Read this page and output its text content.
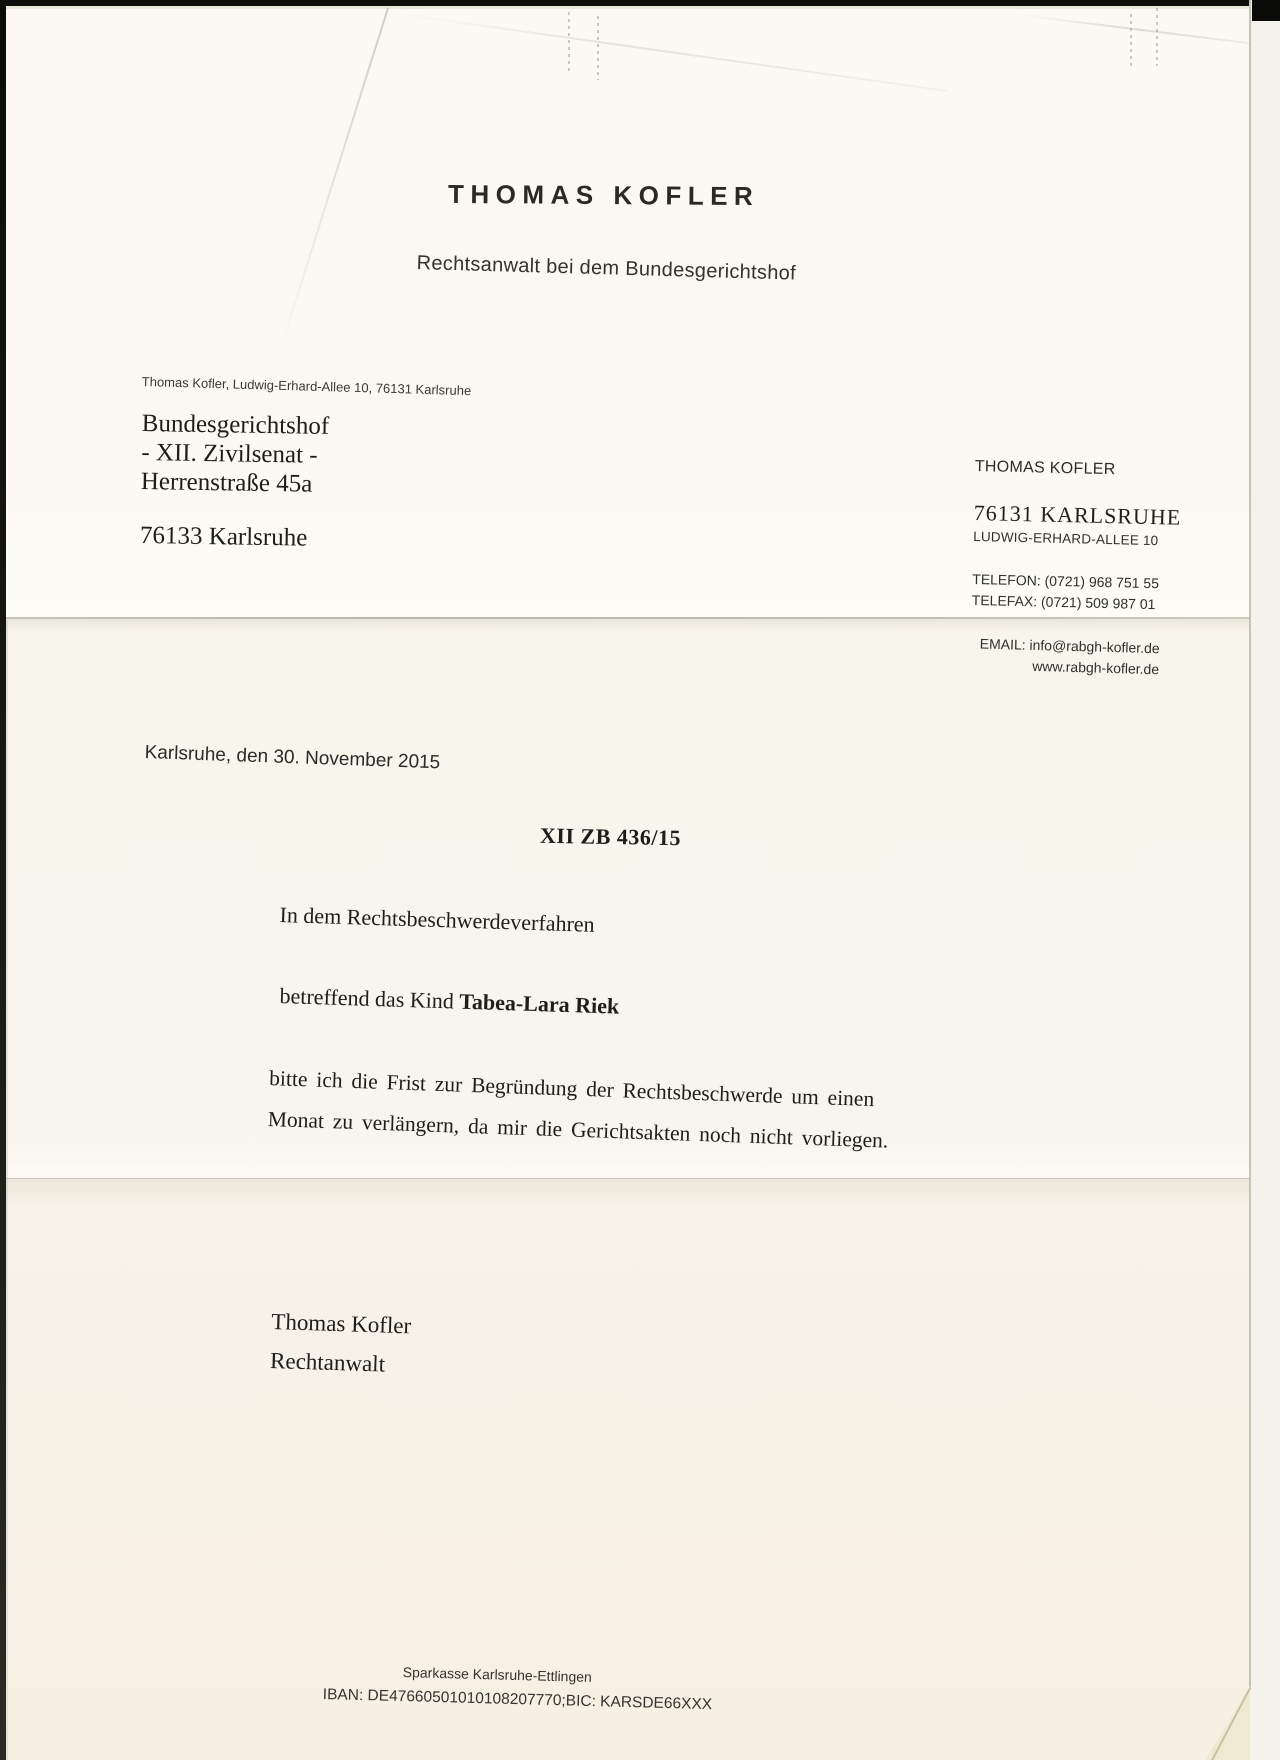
THOMAS KOFLER
Rechtsanwalt bei dem Bundesgerichtshof
Thomas Kofler, Ludwig-Erhard-Allee 10, 76131 Karlsruhe
Bundesgerichtshof
- XII. Zivilsenat -
Herrenstraße 45a
76133 Karlsruhe
THOMAS KOFLER
76131 KARLSRUHE
LUDWIG-ERHARD-ALLEE 10
TELEFON: (0721) 968 751 55
TELEFAX: (0721) 509 987 01
EMAIL: info@rabgh-kofler.de
www.rabgh-kofler.de
Karlsruhe, den 30. November 2015
XII ZB 436/15
In dem Rechtsbeschwerdeverfahren
betreffend das Kind Tabea-Lara Riek
bitte ich die Frist zur Begründung der Rechtsbeschwerde um einen
Monat zu verlängern, da mir die Gerichtsakten noch nicht vorliegen.
Thomas Kofler
Rechtanwalt
Sparkasse Karlsruhe-Ettlingen
IBAN: DE47660501010108207770;BIC: KARSDE66XXX
